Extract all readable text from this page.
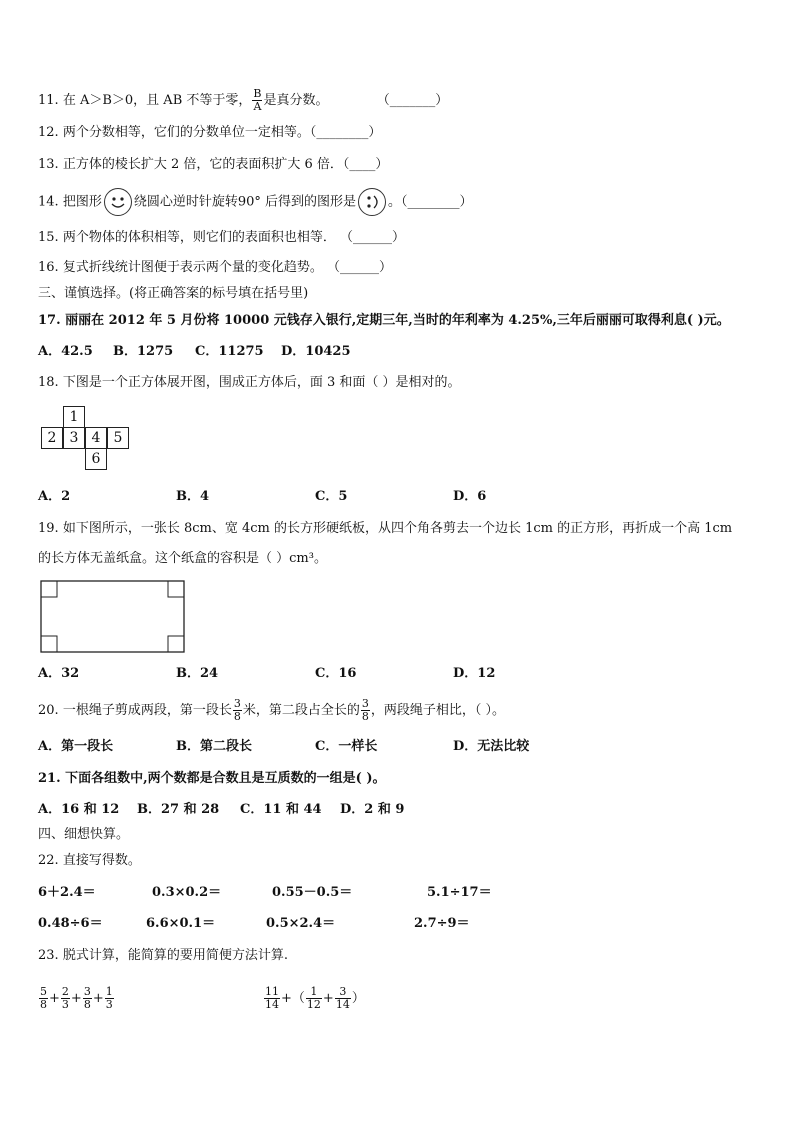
11. 在 A＞B＞0，且 AB 不等于零， $\frac{B}{A}$ 是真分数。	（_______）
12. 两个分数相等，它们的分数单位一定相等。（________）
13. 正方体的棱长扩大 2 倍，它的表面积扩大 6 倍．（____）
14. 把图形 绕圆心逆时针旋转90° 后得到的图形是 。（________）
15. 两个物体的体积相等，则它们的表面积也相等． （______）
16. 复式折线统计图便于表示两个量的变化趋势。 （______）
三、谨慎选择。(将正确答案的标号填在括号里)
17. 丽丽在 2012 年 5 月份将 10000 元钱存入银行,定期三年,当时的年利率为 4.25%,三年后丽丽可取得利息( )元。
A．42.5 B．1275 C．11275 D．10425
18. 下图是一个正方体展开图，围成正方体后，面 3 和面（ ）是相对的。
1
2 3 4 5
6
A．2	B．4	C．5	D．6
19. 如下图所示，一张长 8cm、宽 4cm 的长方形硬纸板，从四个角各剪去一个边长 1cm 的正方形，再折成一个高 1cm
的长方体无盖纸盒。这个纸盒的容积是（ ）cm³。
A．32	B．24	C．16	D．12
20. 一根绳子剪成两段，第一段长 $\frac{3}{8}$ 米，第二段占全长的 $\frac{3}{8}$ ，两段绳子相比，（ ）。
A．第一段长	B．第二段长	C．一样长	D．无法比较
21. 下面各组数中,两个数都是合数且是互质数的一组是( )。
A．16 和 12 B．27 和 28 C．11 和 44 D．2 和 9
四、细想快算。
22. 直接写得数。
6＋2.4＝	0.3×0.2＝	0.55－0.5＝	5.1÷17＝
0.48÷6＝	6.6×0.1＝	0.5×2.4＝	2.7÷9＝
23. 脱式计算，能简算的要用简便方法计算.
$\frac{5}{8} + \frac{2}{3} + \frac{3}{8} + \frac{1}{3}$	$\frac{11}{14}$ +（ $\frac{1}{12} + \frac{3}{14}$ ）
